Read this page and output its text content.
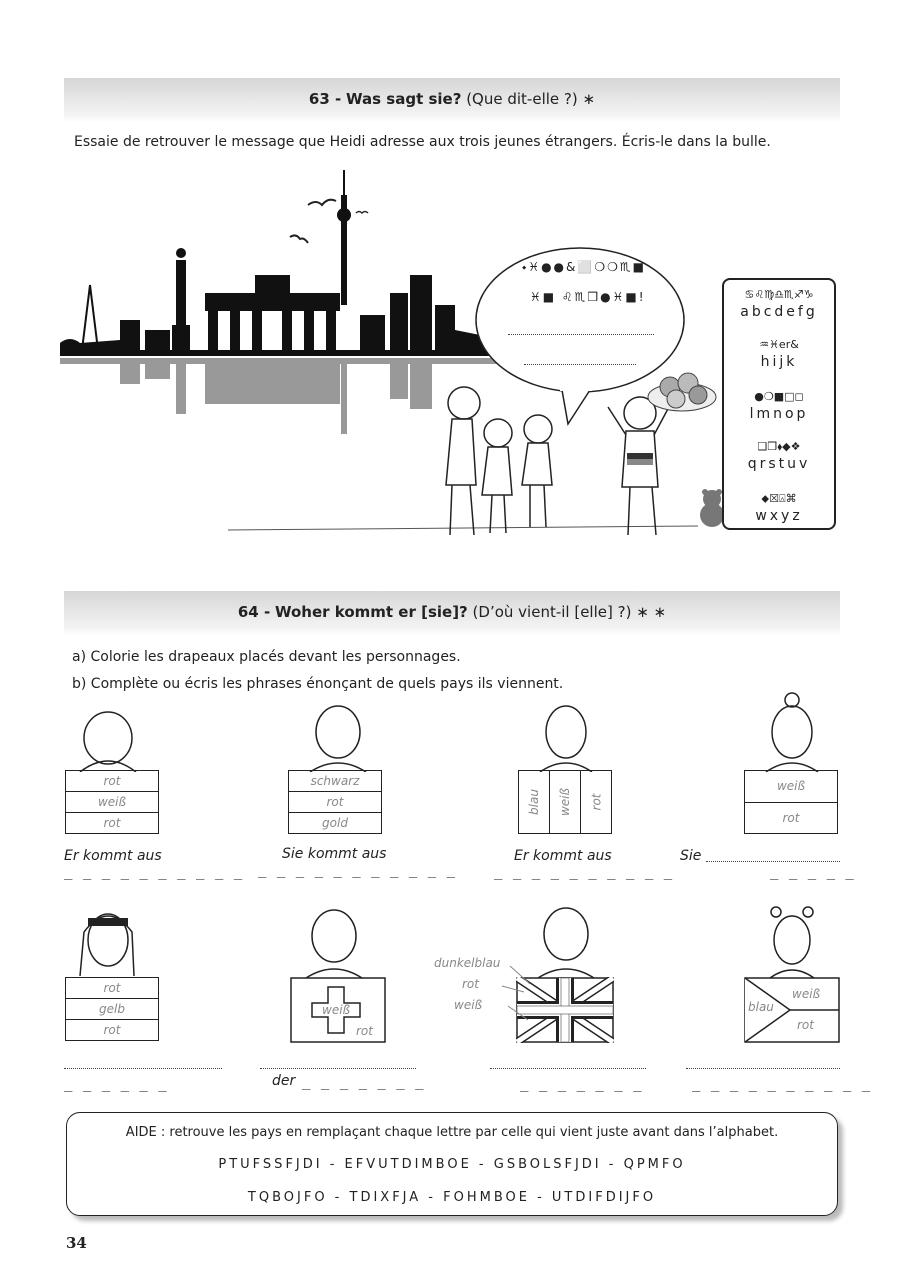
63 - Was sagt sie? (Que dit-elle ?) ∗
Essaie de retrouver le message que Heidi adresse aux trois jeunes étrangers. Écris-le dans la bulle.
⬩♓●●&⬜❍❍♏■
♓■ ♌♏❒●♓■!	♋♌♍♎♏♐♑
abcdefg
♒♓er&
hijk
●❍■□◻
lmnop
❑❒⬧◆❖
qrstuv
⬥☒⍓⌘
wxyz
64 - Woher kommt er [sie]? (D’où vient-il [elle] ?) ∗ ∗
a) Colorie les drapeaux placés devant les personnages.
b) Complète ou écris les phrases énonçant de quels pays ils viennent.
rot
weiß
rot
schwarz
rot
gold
blau weiß rot
weiß
rot
Er kommt aus	Sie kommt aus	Er kommt aus	Sie
_ _ _ _ _ _ _ _ _ _ _ _ _ _ _ _ _ _ _ _ _	_ _ _ _ _ _ _ _ _ _	_ _ _ _ _
rot
gelb
rot
weiß
rot
dunkelblau
rot
weiß
weiß
blau
rot
_ _ _ _ _ _	der _ _ _ _ _ _ _	_ _ _ _ _ _ _	_ _ _ _ _ _ _ _ _ _
AIDE : retrouve les pays en remplaçant chaque lettre par celle qui vient juste avant dans l’alphabet.
PTUFSSFJDI - EFVUTDIMBOE - GSBOLSFJDI - QPMFO
TQBOJFO - TDIXFJA - FOHMBOE - UTDIFDIJFO
34
